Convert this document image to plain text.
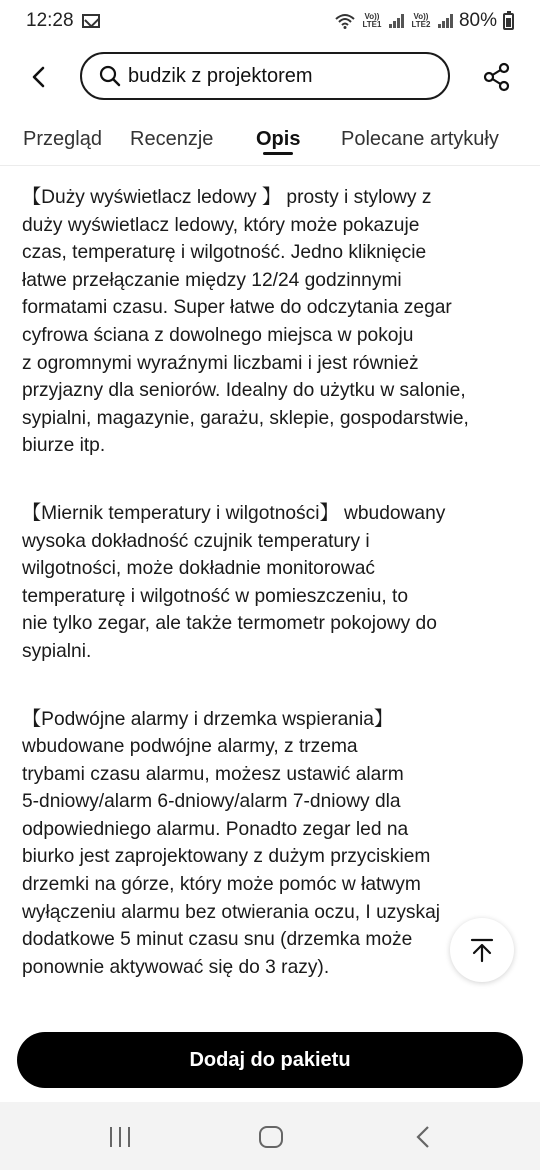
12:28	Vo)) LTE1
Vo)) LTE2 80%
budzik z projektorem
Przegląd Recenzje Opis Polecane artykuły
【Duży wyświetlacz ledowy 】 prosty i stylowy z
duży wyświetlacz ledowy, który może pokazuje
czas, temperaturę i wilgotność. Jedno kliknięcie
łatwe przełączanie między 12/24 godzinnymi
formatami czasu. Super łatwe do odczytania zegar
cyfrowa ściana z dowolnego miejsca w pokoju
z ogromnymi wyraźnymi liczbami i jest również
przyjazny dla seniorów. Idealny do użytku w salonie,
sypialni, magazynie, garażu, sklepie, gospodarstwie,
biurze itp.
【Miernik temperatury i wilgotności】 wbudowany
wysoka dokładność czujnik temperatury i
wilgotności, może dokładnie monitorować
temperaturę i wilgotność w pomieszczeniu, to
nie tylko zegar, ale także termometr pokojowy do
sypialni.
【Podwójne alarmy i drzemka wspierania】
wbudowane podwójne alarmy, z trzema
trybami czasu alarmu, możesz ustawić alarm
5-dniowy/alarm 6-dniowy/alarm 7-dniowy dla
odpowiedniego alarmu. Ponadto zegar led na
biurko jest zaprojektowany z dużym przyciskiem
drzemki na górze, który może pomóc w łatwym
wyłączeniu alarmu bez otwierania oczu, I uzyskaj
dodatkowe 5 minut czasu snu (drzemka może
ponownie aktywować się do 3 razy).
Dodaj do pakietu
